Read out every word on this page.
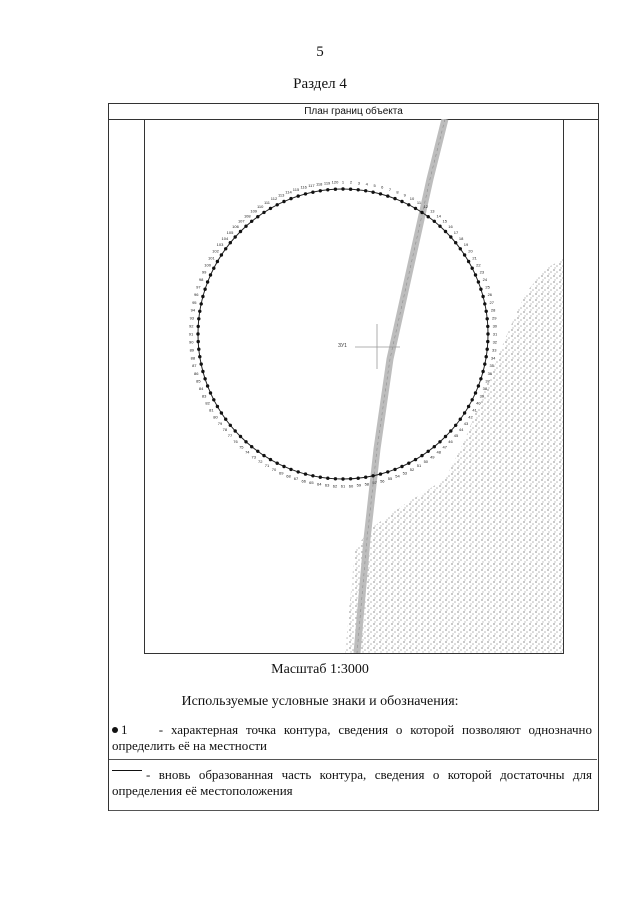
5
Раздел 4
План границ объекта
1 2 3 4 5 6 7
8
9
10
11
12
13
14
15
16
17
18
19
20
21
22
23
24
25
26
27
28
29
30
31
32
33
34
35
36
37
38
39
40
41
42
43
44
45
46
47
48
49
50
51
52
53
54
55
56
57
58
59
60
61
62
63
64
65
66
67
68
69
70
71
72
73
74
75
76
77
78
79
80
81
82
83
84
85
86
87
88
89
90
91
92
93
94
95
96
97
98
99
100
101
102
103
104
105
106
107
108
109
110
111
112
113
114
115 116 117 118 119 120
ЗУ1
Масштаб 1:3000
Используемые условные знаки и обозначения:
1 - характерная точка контура, сведения о которой позволяют однозначно определить её на местности
- вновь образованная часть контура, сведения о которой достаточны для определения её местоположения
